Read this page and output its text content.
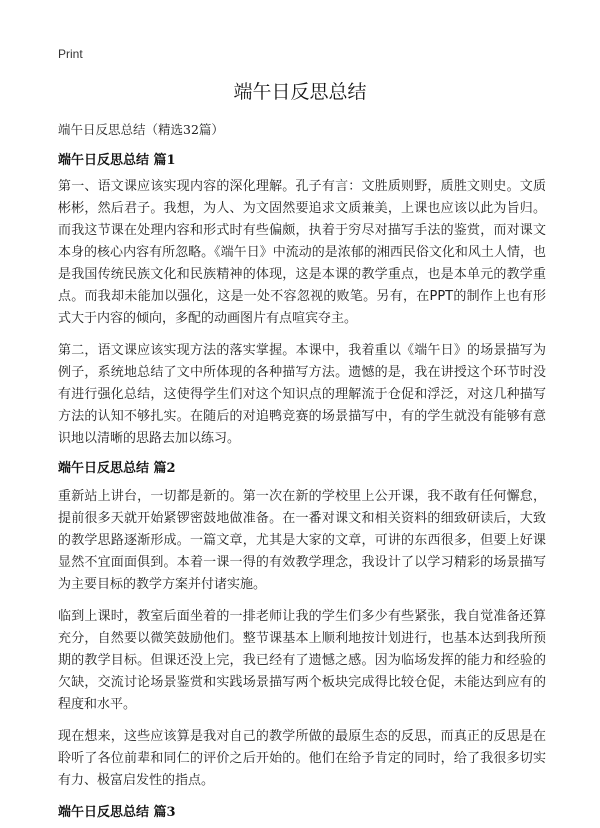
Print
端午日反思总结

端午日反思总结（精选32篇）

端午日反思总结 篇1

第一、语文课应该实现内容的深化理解。孔子有言：文胜质则野，质胜文则史。文质彬彬，然后君子。我想，为人、为文固然要追求文质兼美，上课也应该以此为旨归。而我这节课在处理内容和形式时有些偏颇，执着于穷尽对描写手法的鉴赏，而对课文本身的核心内容有所忽略。《端午日》中流动的是浓郁的湘西民俗文化和风土人情，也是我国传统民族文化和民族精神的体现，这是本课的教学重点，也是本单元的教学重点。而我却未能加以强化，这是一处不容忽视的败笔。另有，在PPT的制作上也有形式大于内容的倾向，多配的动画图片有点喧宾夺主。

第二，语文课应该实现方法的落实掌握。本课中，我着重以《端午日》的场景描写为例子，系统地总结了文中所体现的各种描写方法。遗憾的是，我在讲授这个环节时没有进行强化总结，这使得学生们对这个知识点的理解流于仓促和浮泛，对这几种描写方法的认知不够扎实。在随后的对追鸭竞赛的场景描写中，有的学生就没有能够有意识地以清晰的思路去加以练习。

端午日反思总结 篇2

重新站上讲台，一切都是新的。第一次在新的学校里上公开课，我不敢有任何懈怠，提前很多天就开始紧锣密鼓地做准备。在一番对课文和相关资料的细致研读后，大致的教学思路逐渐形成。一篇文章，尤其是大家的文章，可讲的东西很多，但要上好课显然不宜面面俱到。本着一课一得的有效教学理念，我设计了以学习精彩的场景描写为主要目标的教学方案并付诸实施。

临到上课时，教室后面坐着的一排老师让我的学生们多少有些紧张，我自觉准备还算充分，自然要以微笑鼓励他们。整节课基本上顺利地按计划进行，也基本达到我所预期的教学目标。但课还没上完，我已经有了遗憾之感。因为临场发挥的能力和经验的欠缺，交流讨论场景鉴赏和实践场景描写两个板块完成得比较仓促，未能达到应有的程度和水平。

现在想来，这些应该算是我对自己的教学所做的最原生态的反思，而真正的反思是在聆听了各位前辈和同仁的评价之后开始的。他们在给予肯定的同时，给了我很多切实有力、极富启发性的指点。

端午日反思总结 篇3
